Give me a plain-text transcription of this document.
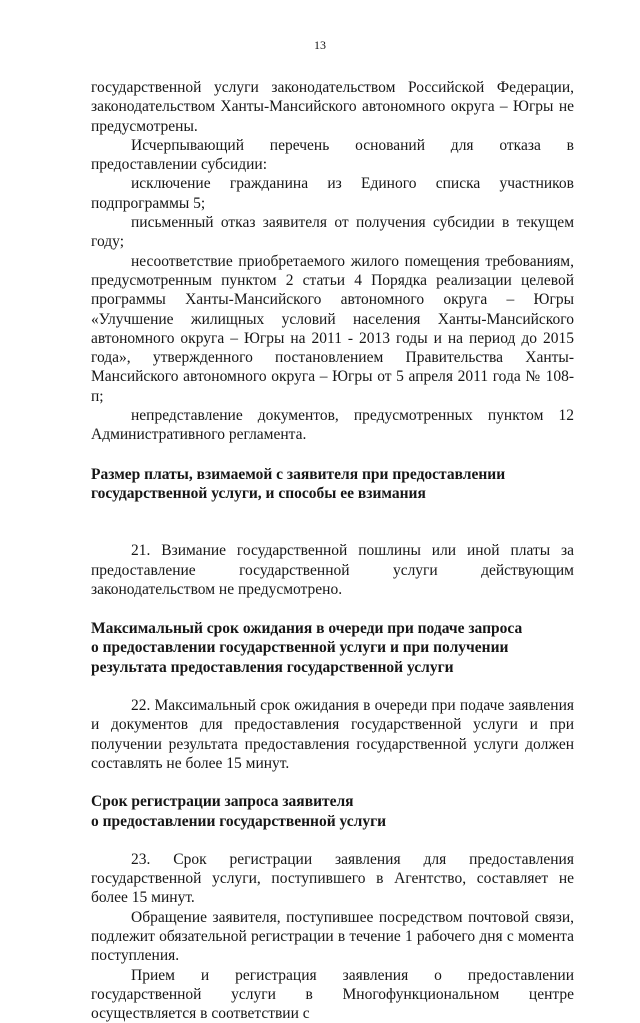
13

государственной услуги законодательством Российской Федерации, законодательством Ханты-Мансийского автономного округа – Югры не предусмотрены.

Исчерпывающий перечень оснований для отказа в предоставлении субсидии:

исключение гражданина из Единого списка участников

подпрограммы 5;

письменный отказ заявителя от получения субсидии в текущем году;

несоответствие приобретаемого жилого помещения требованиям, предусмотренным пунктом 2 статьи 4 Порядка реализации целевой программы Ханты-Мансийского автономного округа – Югры «Улучшение жилищных условий населения Ханты-Мансийского автономного округа – Югры на 2011 - 2013 годы и на период до 2015 года», утвержденного постановлением Правительства Ханты-Мансийского автономного округа – Югры от 5 апреля 2011 года № 108-п;

непредставление документов, предусмотренных пунктом 12

Административного регламента.

Размер платы, взимаемой с заявителя при предоставлении
государственной услуги, и способы ее взимания

21. Взимание государственной пошлины или иной платы за предоставление государственной услуги действующим законодательством не предусмотрено.

Максимальный срок ожидания в очереди при подаче запроса
о предоставлении государственной услуги и при получении
результата предоставления государственной услуги

22. Максимальный срок ожидания в очереди при подаче заявления и документов для предоставления государственной услуги и при получении результата предоставления государственной услуги должен составлять не более 15 минут.

Срок регистрации запроса заявителя
о предоставлении государственной услуги

23. Срок регистрации заявления для предоставления государственной услуги, поступившего в Агентство, составляет не более 15 минут.

Обращение заявителя, поступившее посредством почтовой связи, подлежит обязательной регистрации в течение 1 рабочего дня с момента поступления.

Прием и регистрация заявления о предоставлении государственной услуги в Многофункциональном центре осуществляется в соответствии с
